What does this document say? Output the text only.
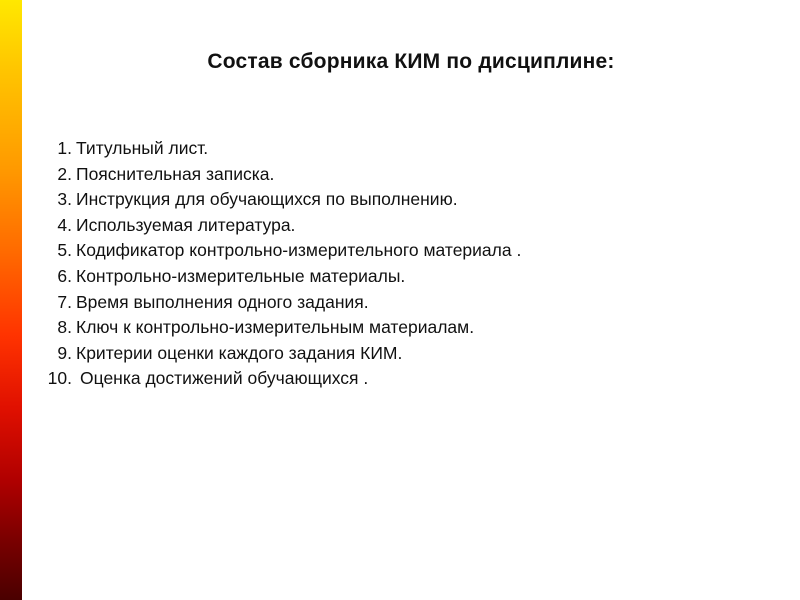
Состав сборника КИМ по дисциплине:
1. Титульный лист.
2. Пояснительная записка.
3. Инструкция для обучающихся по выполнению.
4. Используемая литература.
5. Кодификатор контрольно-измерительного материала .
6. Контрольно-измерительные материалы.
7. Время выполнения одного задания.
8. Ключ к контрольно-измерительным материалам.
9. Критерии оценки каждого задания КИМ.
10. Оценка достижений обучающихся .
